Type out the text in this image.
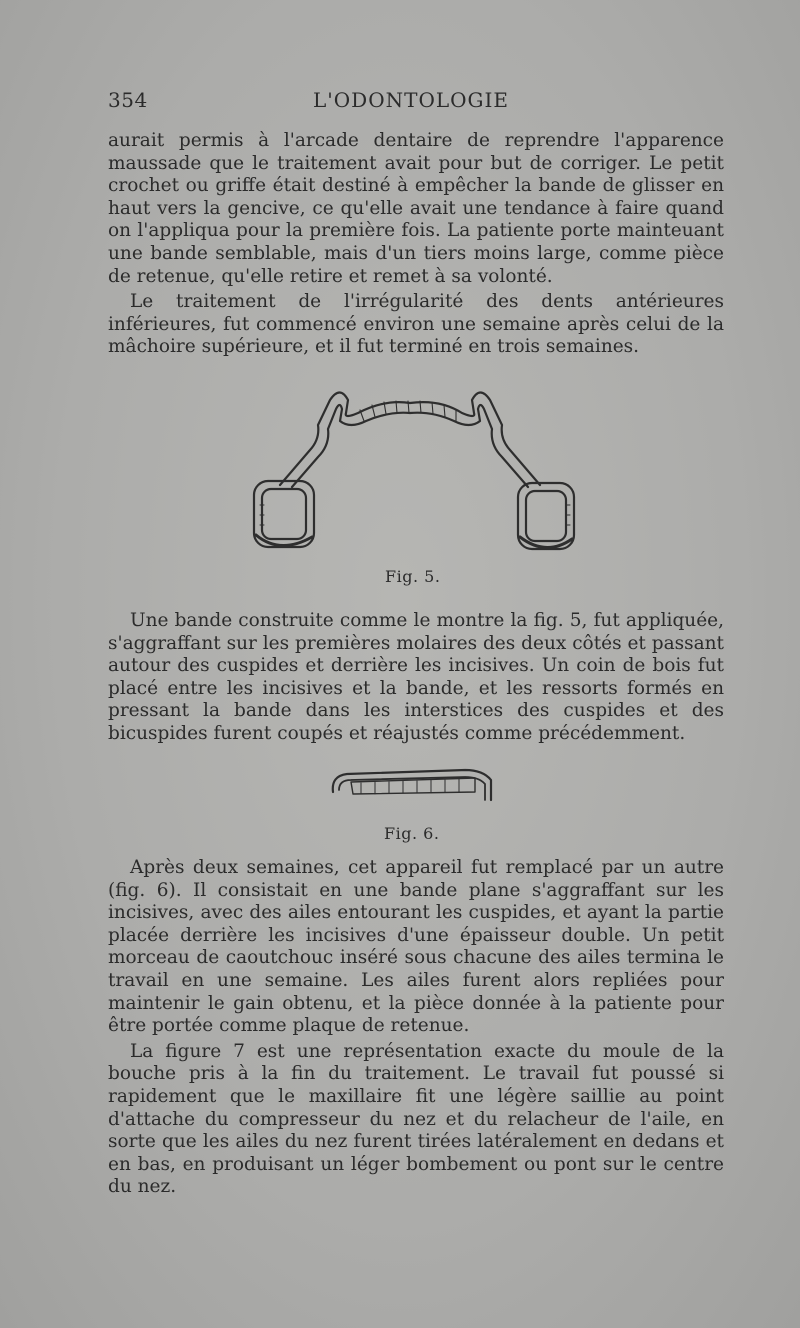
354	L'ODONTOLOGIE

aurait permis à l'arcade dentaire de reprendre l'apparence maussade que le traitement avait pour but de corriger. Le petit crochet ou griffe était destiné à empêcher la bande de glisser en haut vers la gencive, ce qu'elle avait une tendance à faire quand on l'appliqua pour la première fois. La patiente porte mainteuant une bande semblable, mais d'un tiers moins large, comme pièce de retenue, qu'elle retire et remet à sa volonté.

Le traitement de l'irrégularité des dents antérieures inférieures, fut commencé environ une semaine après celui de la mâchoire supérieure, et il fut terminé en trois semaines.

Fig. 5.

Une bande construite comme le montre la fig. 5, fut appliquée, s'aggraffant sur les premières molaires des deux côtés et passant autour des cuspides et derrière les incisives. Un coin de bois fut placé entre les incisives et la bande, et les ressorts formés en pressant la bande dans les interstices des cuspides et des bicuspides furent coupés et réajustés comme précédemment.

Fig. 6.

Après deux semaines, cet appareil fut remplacé par un autre (fig. 6). Il consistait en une bande plane s'aggraffant sur les incisives, avec des ailes entourant les cuspides, et ayant la partie placée derrière les incisives d'une épaisseur double. Un petit morceau de caoutchouc inséré sous chacune des ailes termina le travail en une semaine. Les ailes furent alors repliées pour maintenir le gain obtenu, et la pièce donnée à la patiente pour être portée comme plaque de retenue.

La figure 7 est une représentation exacte du moule de la bouche pris à la fin du traitement. Le travail fut poussé si rapidement que le maxillaire fit une légère saillie au point d'attache du compresseur du nez et du relacheur de l'aile, en sorte que les ailes du nez furent tirées latéralement en dedans et en bas, en produisant un léger bombement ou pont sur le centre du nez.
